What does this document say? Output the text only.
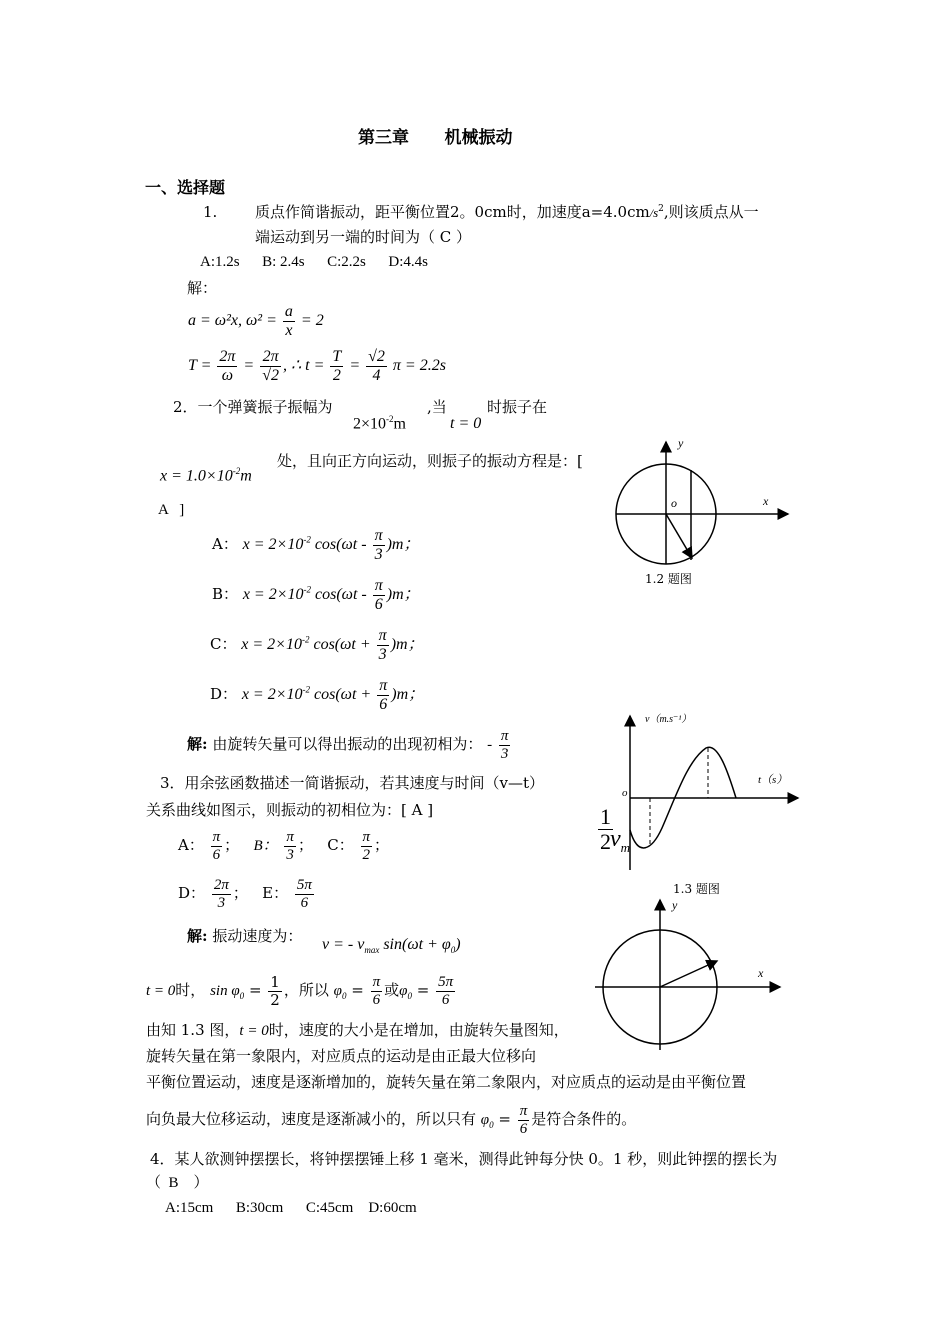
第三章      机械振动
一、选择题
1.	质点作简谐振动，距平衡位置2。0cm时，加速度$a=4.0cm/s^2$,则该质点从一
端运动到另一端的时间为（ C ）
A:1.2s      B: 2.4s      C:2.2s      D:4.4s
解：
a = ω²x, $\omega^2 = \frac{a}{x} = 2$
$T = \frac{2\pi}{\omega} = \frac{2\pi}{√2}$ , ∴ $t = \frac{T}{2} = \frac{√2}{4}$ π = 2.2s
2．一个弹簧振子振幅为
$2\times 10^{-2}m$
,当
t = 0
时振子在
$x = 1.0\times 10^{-2}m$
处，且向正方向运动，则振子的振动方程是：[
A   ]
A： $x = 2\times 10^{-2}$ $\cos(\omega t - \frac{\pi}{3} )m$；
B： $x = 2\times 10^{-2}$ $\cos(\omega t - \frac{\pi}{6} )m$；
C： $x = 2\times 10^{-2}$ $\cos(\omega t + \frac{\pi}{3} )m$；
D： $x = 2\times 10^{-2}$ $\cos(\omega t + \frac{\pi}{6} )m$；
解: 由旋转矢量可以得出振动的出现初相为： - $\frac{\pi}{3}$
y
x
o
1.2 题图
3．用余弦函数描述一简谐振动，若其速度与时间（v—t）
关系曲线如图示，则振动的初相位为：[ A ]
A： $\frac{\pi}{6}$ ； B： $\frac{\pi}{3}$ ； C： $\frac{\pi}{2}$ ；
D： $\frac{2\pi}{3}$ ； E： $\frac{5\pi}{6}$
解: 振动速度为： v = - $v_{max}$ $\sin(\omega t + \varphi_0)$
t = 0时， $\sin \varphi_0 = \frac{1}{2}$ ，所以 $\varphi_0 = \frac{\pi}{6}$ 或$\varphi_0 = \frac{5\pi}{6}$
由知 1.3 图，t = 0时，速度的大小是在增加，由旋转矢量图知，
旋转矢量在第一象限内，对应质点的运动是由正最大位移向
平衡位置运动，速度是逐渐增加的，旋转矢量在第二象限内，对应质点的运动是由平衡位置
向负最大位移运动，速度是逐渐减小的，所以只有 $\varphi_0 = \frac{\pi}{6}$ 是符合条件的。
v（m.s⁻¹）
t（s）
o
$\frac{1}{2}$
$v_m$
1.3 题图
y
x
4．某人欲测钟摆摆长，将钟摆摆锤上移 1 毫米，测得此钟每分快 0。1 秒，则此钟摆的摆长为
（  B    ）
A:15cm      B:30cm      C:45cm    D:60cm
